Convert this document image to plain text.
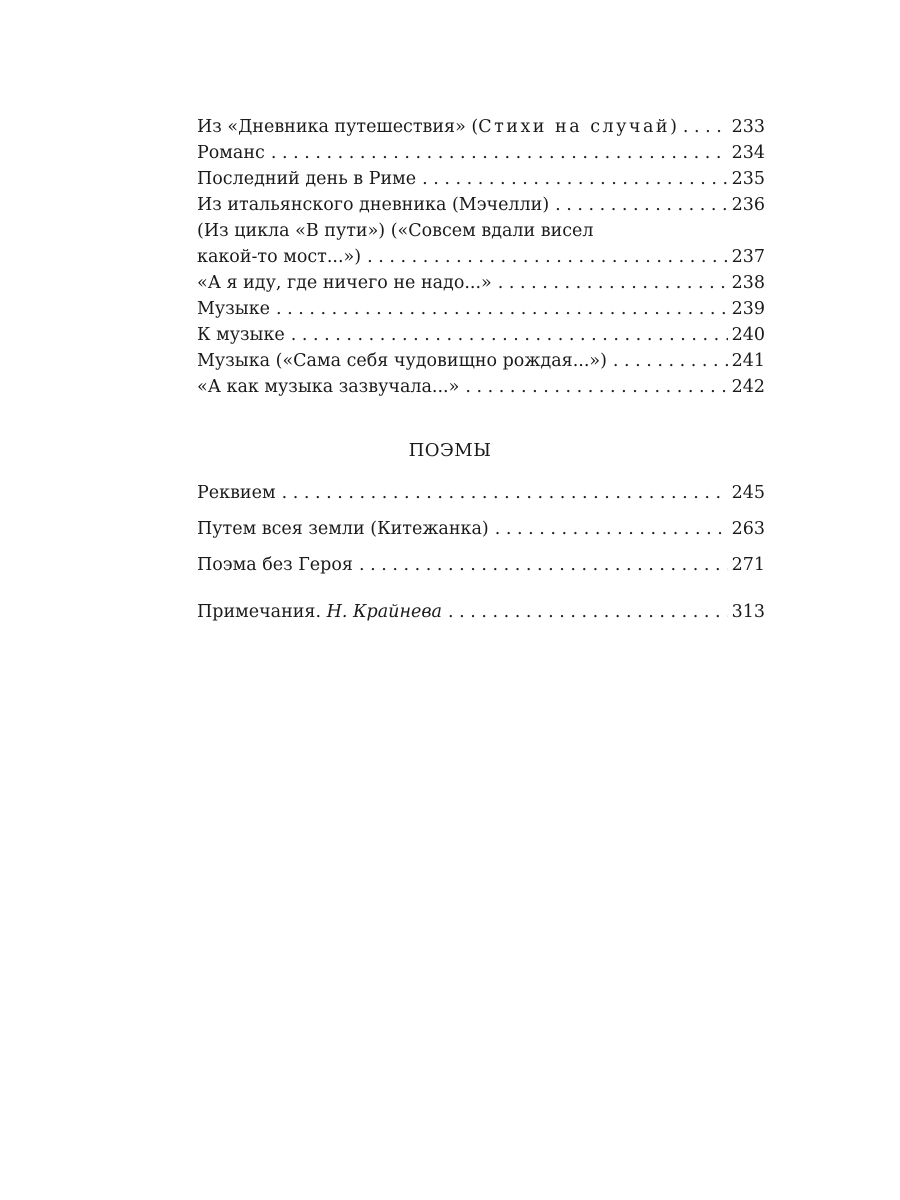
Из «Дневника путешествия» (Стихи на случай) . . .	233
Романс . . .	234
Последний день в Риме . . .	235
Из итальянского дневника (Мэчелли) . . .	236
(Из цикла «В пути») («Совсем вдали висел
какой-то мост...») . . .	237
«А я иду, где ничего не надо...» . . .	238
Музыке . . .	239
К музыке . . .	240
Музыка («Сама себя чудовищно рождая...») . . .	241
«А как музыка зазвучала...» . . .	242
ПОЭМЫ
Реквием . . .	245
Путем всея земли (Китежанка) . . .	263
Поэма без Героя . . .	271
Примечания. Н. Крайнева . . .	313
